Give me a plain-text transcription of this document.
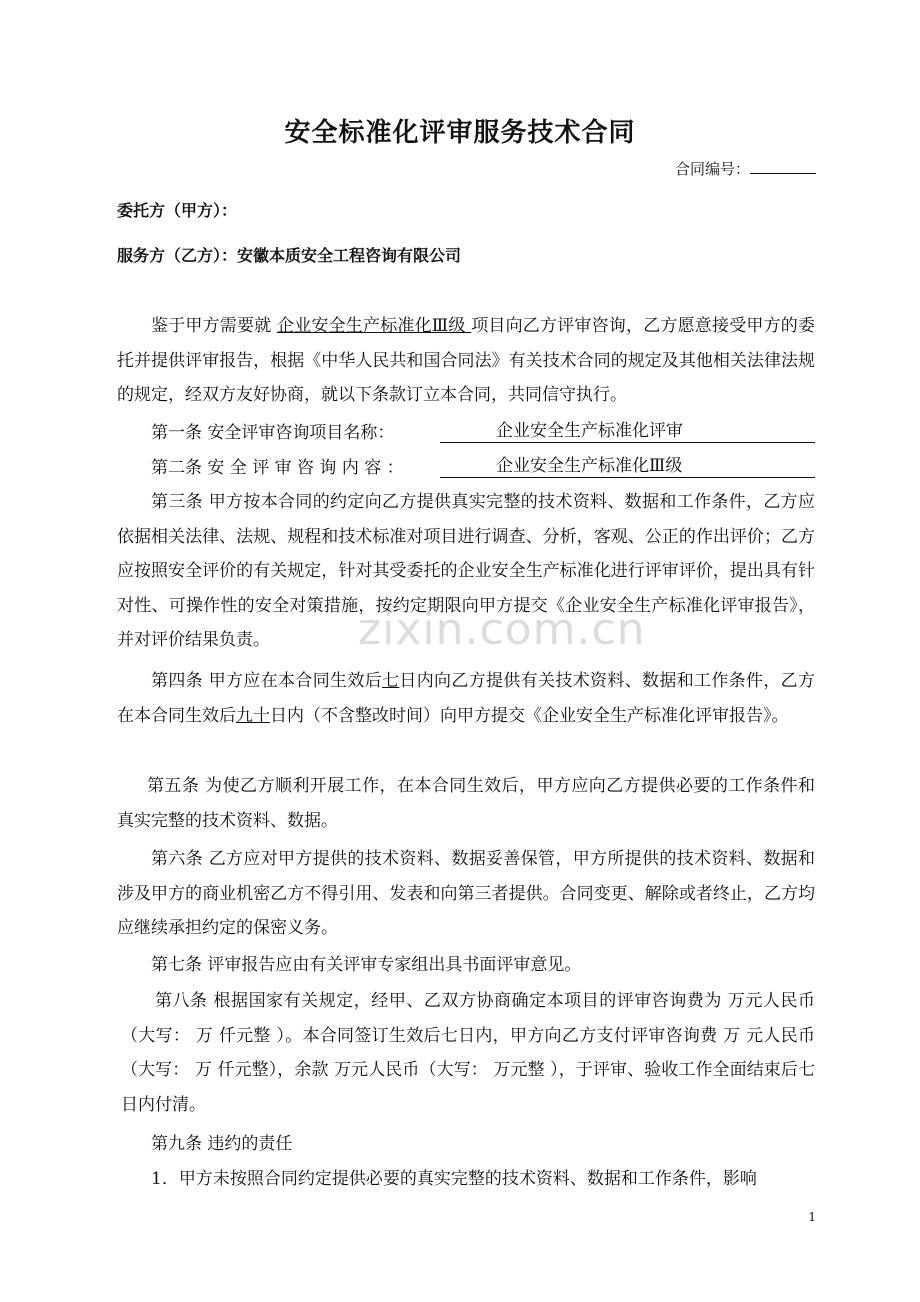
安全标准化评审服务技术合同
合同编号：

委托方（甲方）：

服务方（乙方）：安徽本质安全工程咨询有限公司

鉴于甲方需要就 企业安全生产标准化Ⅲ级 项目向乙方评审咨询，乙方愿意接受甲方的委托并提供评审报告，根据《中华人民共和国合同法》有关技术合同的规定及其他相关法律法规的规定，经双方友好协商，就以下条款订立本合同，共同信守执行。

第一条 安全评审咨询项目名称：	企业安全生产标准化评审

第二条 安 全 评 审 咨 询 内 容 ：	企业安全生产标准化Ⅲ级

第三条 甲方按本合同的约定向乙方提供真实完整的技术资料、数据和工作条件，乙方应依据相关法律、法规、规程和技术标准对项目进行调查、分析，客观、公正的作出评价；乙方应按照安全评价的有关规定，针对其受委托的企业安全生产标准化进行评审评价，提出具有针对性、可操作性的安全对策措施，按约定期限向甲方提交《企业安全生产标准化评审报告》，并对评价结果负责。

第四条 甲方应在本合同生效后七日内向乙方提供有关技术资料、数据和工作条件，乙方在本合同生效后九十日内（不含整改时间）向甲方提交《企业安全生产标准化评审报告》。

第五条 为使乙方顺利开展工作，在本合同生效后，甲方应向乙方提供必要的工作条件和真实完整的技术资料、数据。

第六条 乙方应对甲方提供的技术资料、数据妥善保管，甲方所提供的技术资料、数据和涉及甲方的商业机密乙方不得引用、发表和向第三者提供。合同变更、解除或者终止，乙方均应继续承担约定的保密义务。

第七条 评审报告应由有关评审专家组出具书面评审意见。

第八条 根据国家有关规定，经甲、乙双方协商确定本项目的评审咨询费为 万元人民币（大写： 万 仟元整 ）。本合同签订生效后七日内，甲方向乙方支付评审咨询费 万 元人民币（大写： 万 仟元整），余款 万元人民币（大写： 万元整 ），于评审、验收工作全面结束后七日内付清。

第九条 违约的责任

1．甲方未按照合同约定提供必要的真实完整的技术资料、数据和工作条件，影响

zixin.com.cn

1
